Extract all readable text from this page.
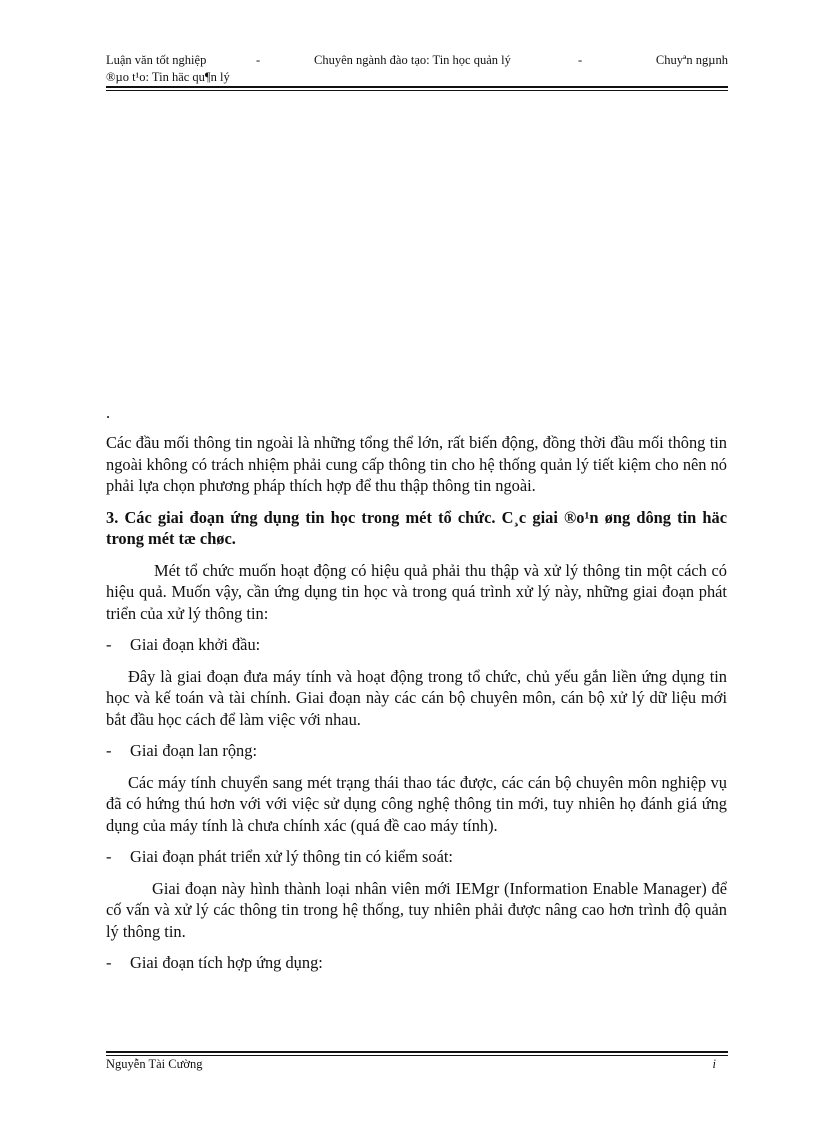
Luận văn tốt nghiệp	-	Chuyên ngành đào tạo: Tin học quản lý	-	Chuyªn ngµnh
®µo t¹o: Tin häc qu¶n lý
.

Các đầu mối thông tin ngoài là những tổng thể lớn, rất biến động, đồng thời đầu mối thông tin ngoài không có trách nhiệm phải cung cấp thông tin cho hệ thống quản lý tiết kiệm cho nên nó phải lựa chọn phương pháp thích hợp để thu thập thông tin ngoài.

3. Các giai đoạn ứng dụng tin học trong mét tổ chức. C¸c giai ®o¹n øng dông tin häc trong mét tæ chøc.

Mét tổ chức muốn hoạt động có hiệu quả phải thu thập và xử lý thông tin một cách có hiệu quả. Muốn vậy, cần ứng dụng tin học và trong quá trình xử lý này, những giai đoạn phát triển của xử lý thông tin:

- Giai đoạn khởi đầu:

Đây là giai đoạn đưa máy tính và hoạt động trong tổ chức, chủ yếu gắn liền ứng dụng tin học và kế toán và tài chính. Giai đoạn này các cán bộ chuyên môn, cán bộ xử lý dữ liệu mới bắt đầu học cách để làm việc với nhau.

- Giai đoạn lan rộng:

Các máy tính chuyển sang mét trạng thái thao tác được, các cán bộ chuyên môn nghiệp vụ đã có hứng thú hơn với với việc sử dụng công nghệ thông tin mới, tuy nhiên họ đánh giá ứng dụng của máy tính là chưa chính xác (quá đề cao máy tính).

- Giai đoạn phát triển xử lý thông tin có kiểm soát:

Giai đoạn này hình thành loại nhân viên mới IEMgr (Information Enable Manager) để cố vấn và xử lý các thông tin trong hệ thống, tuy nhiên phải được nâng cao hơn trình độ quản lý thông tin.

- Giai đoạn tích hợp ứng dụng:
Nguyễn Tài Cường	i
